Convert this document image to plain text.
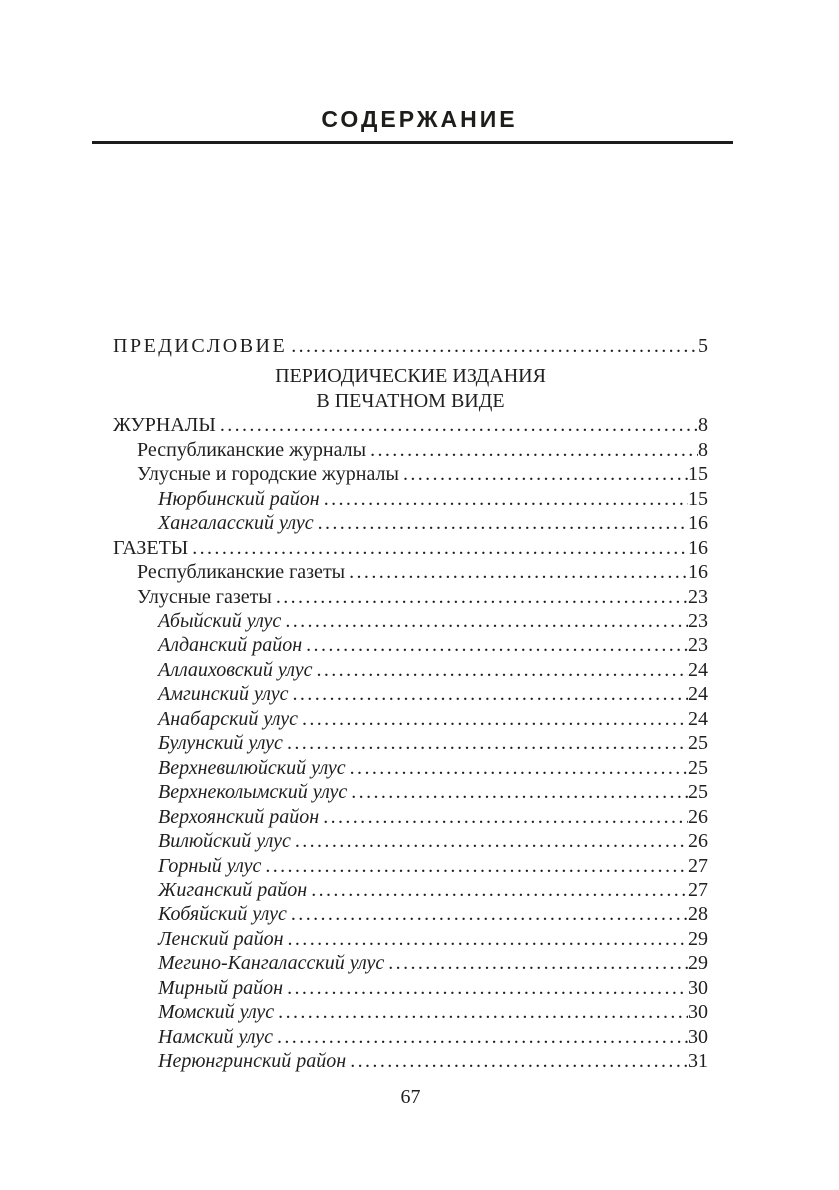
СОДЕРЖАНИЕ
ПРЕДИСЛОВИЕ .....	5
ПЕРИОДИЧЕСКИЕ ИЗДАНИЯ
В ПЕЧАТНОМ ВИДЕ
ЖУРНАЛЫ .....	8
Республиканские журналы .....	8
Улусные и городские журналы .....	15
Нюрбинский район .....	15
Хангаласский улус .....	16
ГАЗЕТЫ .....	16
Республиканские газеты .....	16
Улусные газеты .....	23
Абыйский улус .....	23
Алданский район .....	23
Аллаиховский улус .....	24
Амгинский улус .....	24
Анабарский улус .....	24
Булунский улус .....	25
Верхневилюйский улус .....	25
Верхнеколымский улус .....	25
Верхоянский район .....	26
Вилюйский улус .....	26
Горный улус .....	27
Жиганский район .....	27
Кобяйский улус .....	28
Ленский район .....	29
Мегино-Кангаласский улус .....	29
Мирный район .....	30
Момский улус .....	30
Намский улус .....	30
Нерюнгринский район .....	31
67
